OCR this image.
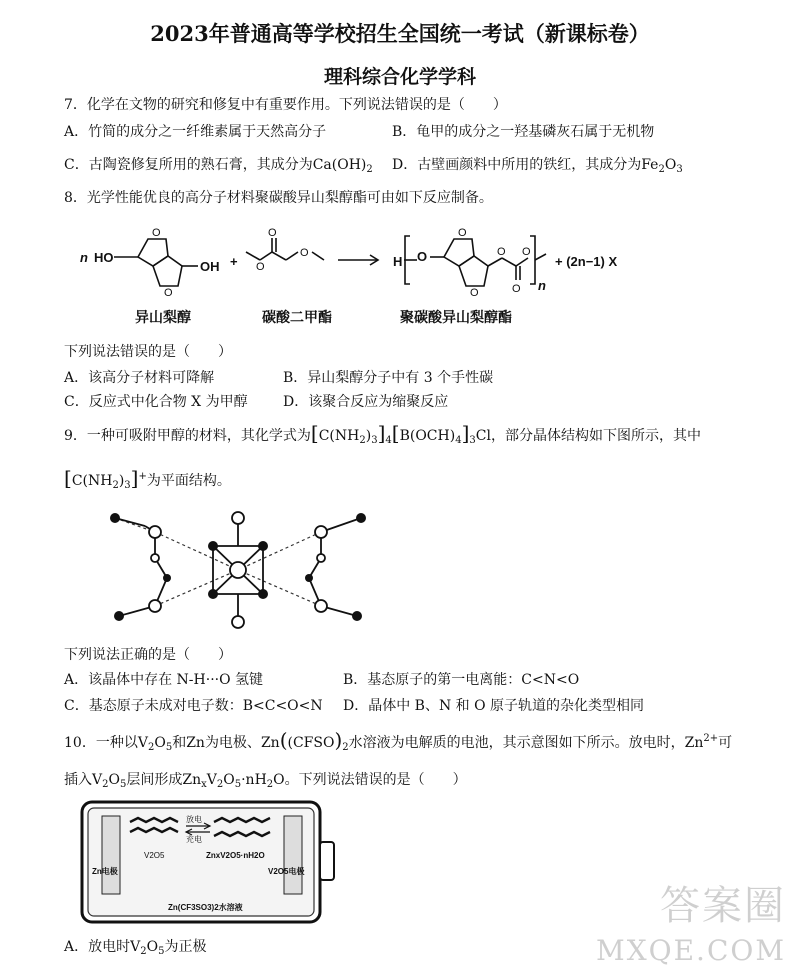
2023年普通高等学校招生全国统一考试（新课标卷）
理科综合化学学科
7．化学在文物的研究和修复中有重要作用。下列说法错误的是（　　）
A．竹简的成分之一纤维素属于天然高分子	B．龟甲的成分之一羟基磷灰石属于无机物
C．古陶瓷修复所用的熟石膏，其成分为$Ca(OH)_2$ D．古壁画颜料中所用的铁红，其成分为$Fe_2O_3$
8．光学性能优良的高分子材料聚碳酸异山梨醇酯可由如下反应制备。
n HO
OH +	H O
n
+ (2n−1) X
异山梨醇	碳酸二甲酯	聚碳酸异山梨醇酯
O
O
O
O
O	O
O
O
O
O
下列说法错误的是（　　）
A．该高分子材料可降解	B．异山梨醇分子中有 3 个手性碳
C．反应式中化合物 X 为甲醇	D．该聚合反应为缩聚反应
9．一种可吸附甲醇的材料，其化学式为$[C(NH_2)_3]_4[B(OCH)_4]_3Cl$，部分晶体结构如下图所示，其中
$[C(NH_2)_3]^+$为平面结构。
下列说法正确的是（　　）
A．该晶体中存在 N-H···O 氢键	B．基态原子的第一电离能：C<N<O
C．基态原子未成对电子数：B<C<O<N D．晶体中 B、N 和 O 原子轨道的杂化类型相同
10．一种以$V_2O_5$和Zn为电极、$Zn((CFSO)_2$水溶液为电解质的电池，其示意图如下所示。放电时，$Zn^{2+}$可
插入$V_2O_5$层间形成$Zn_xV_2O_5\cdot nH_2O$。下列说法错误的是（　　）
放电
充电
Zn电极
V2O5	ZnxV2O5·nH2O
V2O5电极
Zn(CF3SO3)2水溶液
A．放电时$V_2O_5$为正极
答案圈
MXQE.COM
